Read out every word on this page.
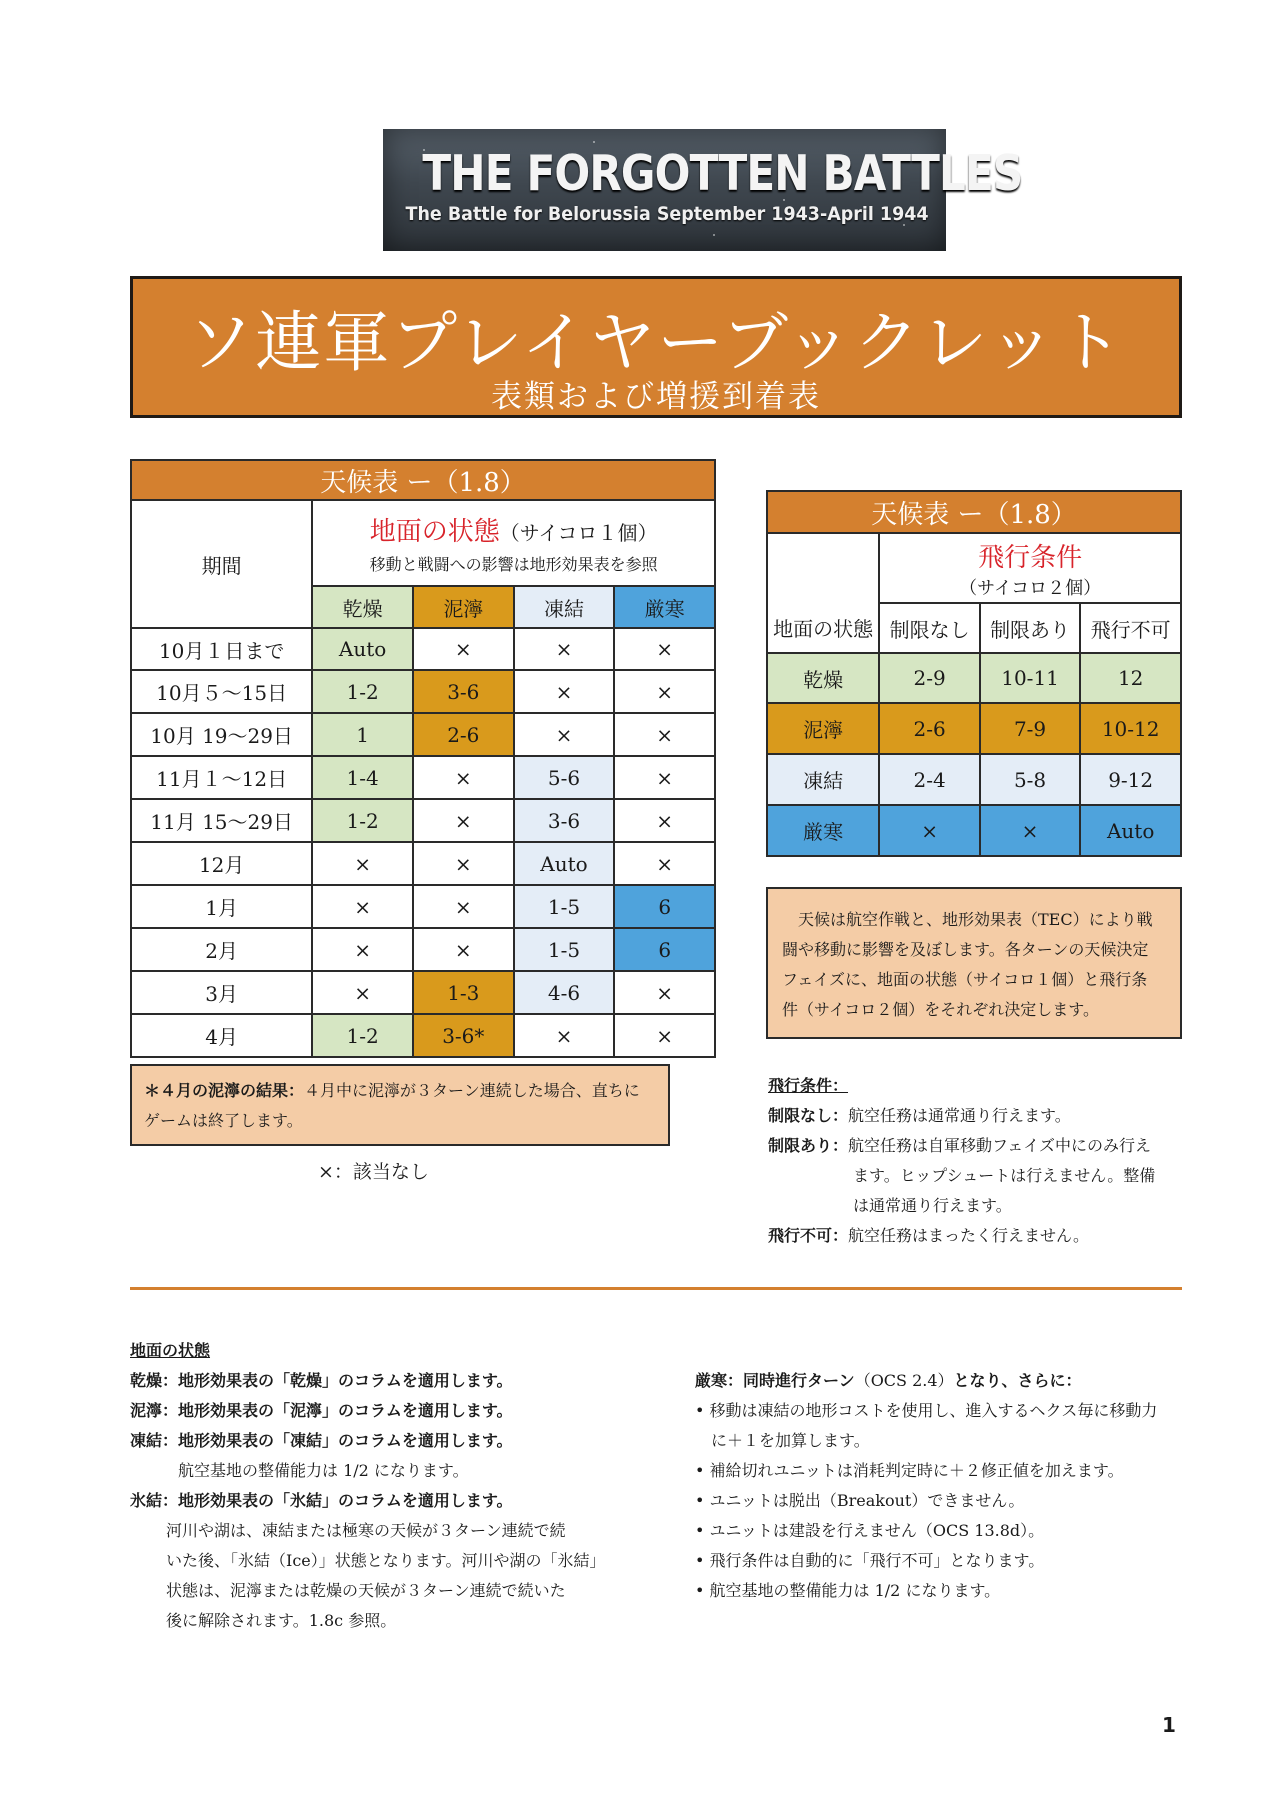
THE FORGOTTEN BATTLES
The Battle for Belorussia September 1943-April 1944
ソ連軍プレイヤーブックレット
表類および増援到着表
天候表 ー（1.8）				
期間	地面の状態（サイコロ１個）
移動と戦闘への影響は地形効果表を参照			

	乾燥	泥濘	凍結	厳寒
10月１日まで	Auto	×	×	×
10月５～15日	1-2	3-6	×	×
10月 19～29日	1	2-6	×	×
11月１～12日	1-4	×	5-6	×
11月 15～29日	1-2	×	3-6	×
12月	×	×	Auto	×
1月	×	×	1-5	6
2月	×	×	1-5	6
3月	×	1-3	4-6	×
4月	1-2	3-6*	×	×
＊４月の泥濘の結果：４月中に泥濘が３ターン連続した場合、直ちに
ゲームは終了します。
×：該当なし
天候表 ー（1.8）			

	飛行条件
（サイコロ２個）		

地面の状態	制限なし	制限あり	飛行不可
乾燥	2-9	10-11	12
泥濘	2-6	7-9	10-12
凍結	2-4	5-8	9-12
厳寒	×	×	Auto
天候は航空作戦と、地形効果表（TEC）により戦
闘や移動に影響を及ぼします。各ターンの天候決定
フェイズに、地面の状態（サイコロ１個）と飛行条
件（サイコロ２個）をそれぞれ決定します。
飛行条件：
制限なし：航空任務は通常通り行えます。
制限あり：航空任務は自軍移動フェイズ中にのみ行え
ます。ヒップシュートは行えません。整備
は通常通り行えます。
飛行不可：航空任務はまったく行えません。
地面の状態
乾燥：地形効果表の「乾燥」のコラムを適用します。
泥濘：地形効果表の「泥濘」のコラムを適用します。
凍結：地形効果表の「凍結」のコラムを適用します。
航空基地の整備能力は 1/2 になります。
氷結：地形効果表の「氷結」のコラムを適用します。
河川や湖は、凍結または極寒の天候が３ターン連続で続
いた後、「氷結（Ice）」状態となります。河川や湖の「氷結」
状態は、泥濘または乾燥の天候が３ターン連続で続いた
後に解除されます。1.8c 参照。
厳寒：同時進行ターン（OCS 2.4）となり、さらに：
• 移動は凍結の地形コストを使用し、進入するヘクス毎に移動力
　に＋１を加算します。
• 補給切れユニットは消耗判定時に＋２修正値を加えます。
• ユニットは脱出（Breakout）できません。
• ユニットは建設を行えません（OCS 13.8d）。
• 飛行条件は自動的に「飛行不可」となります。
• 航空基地の整備能力は 1/2 になります。
1
